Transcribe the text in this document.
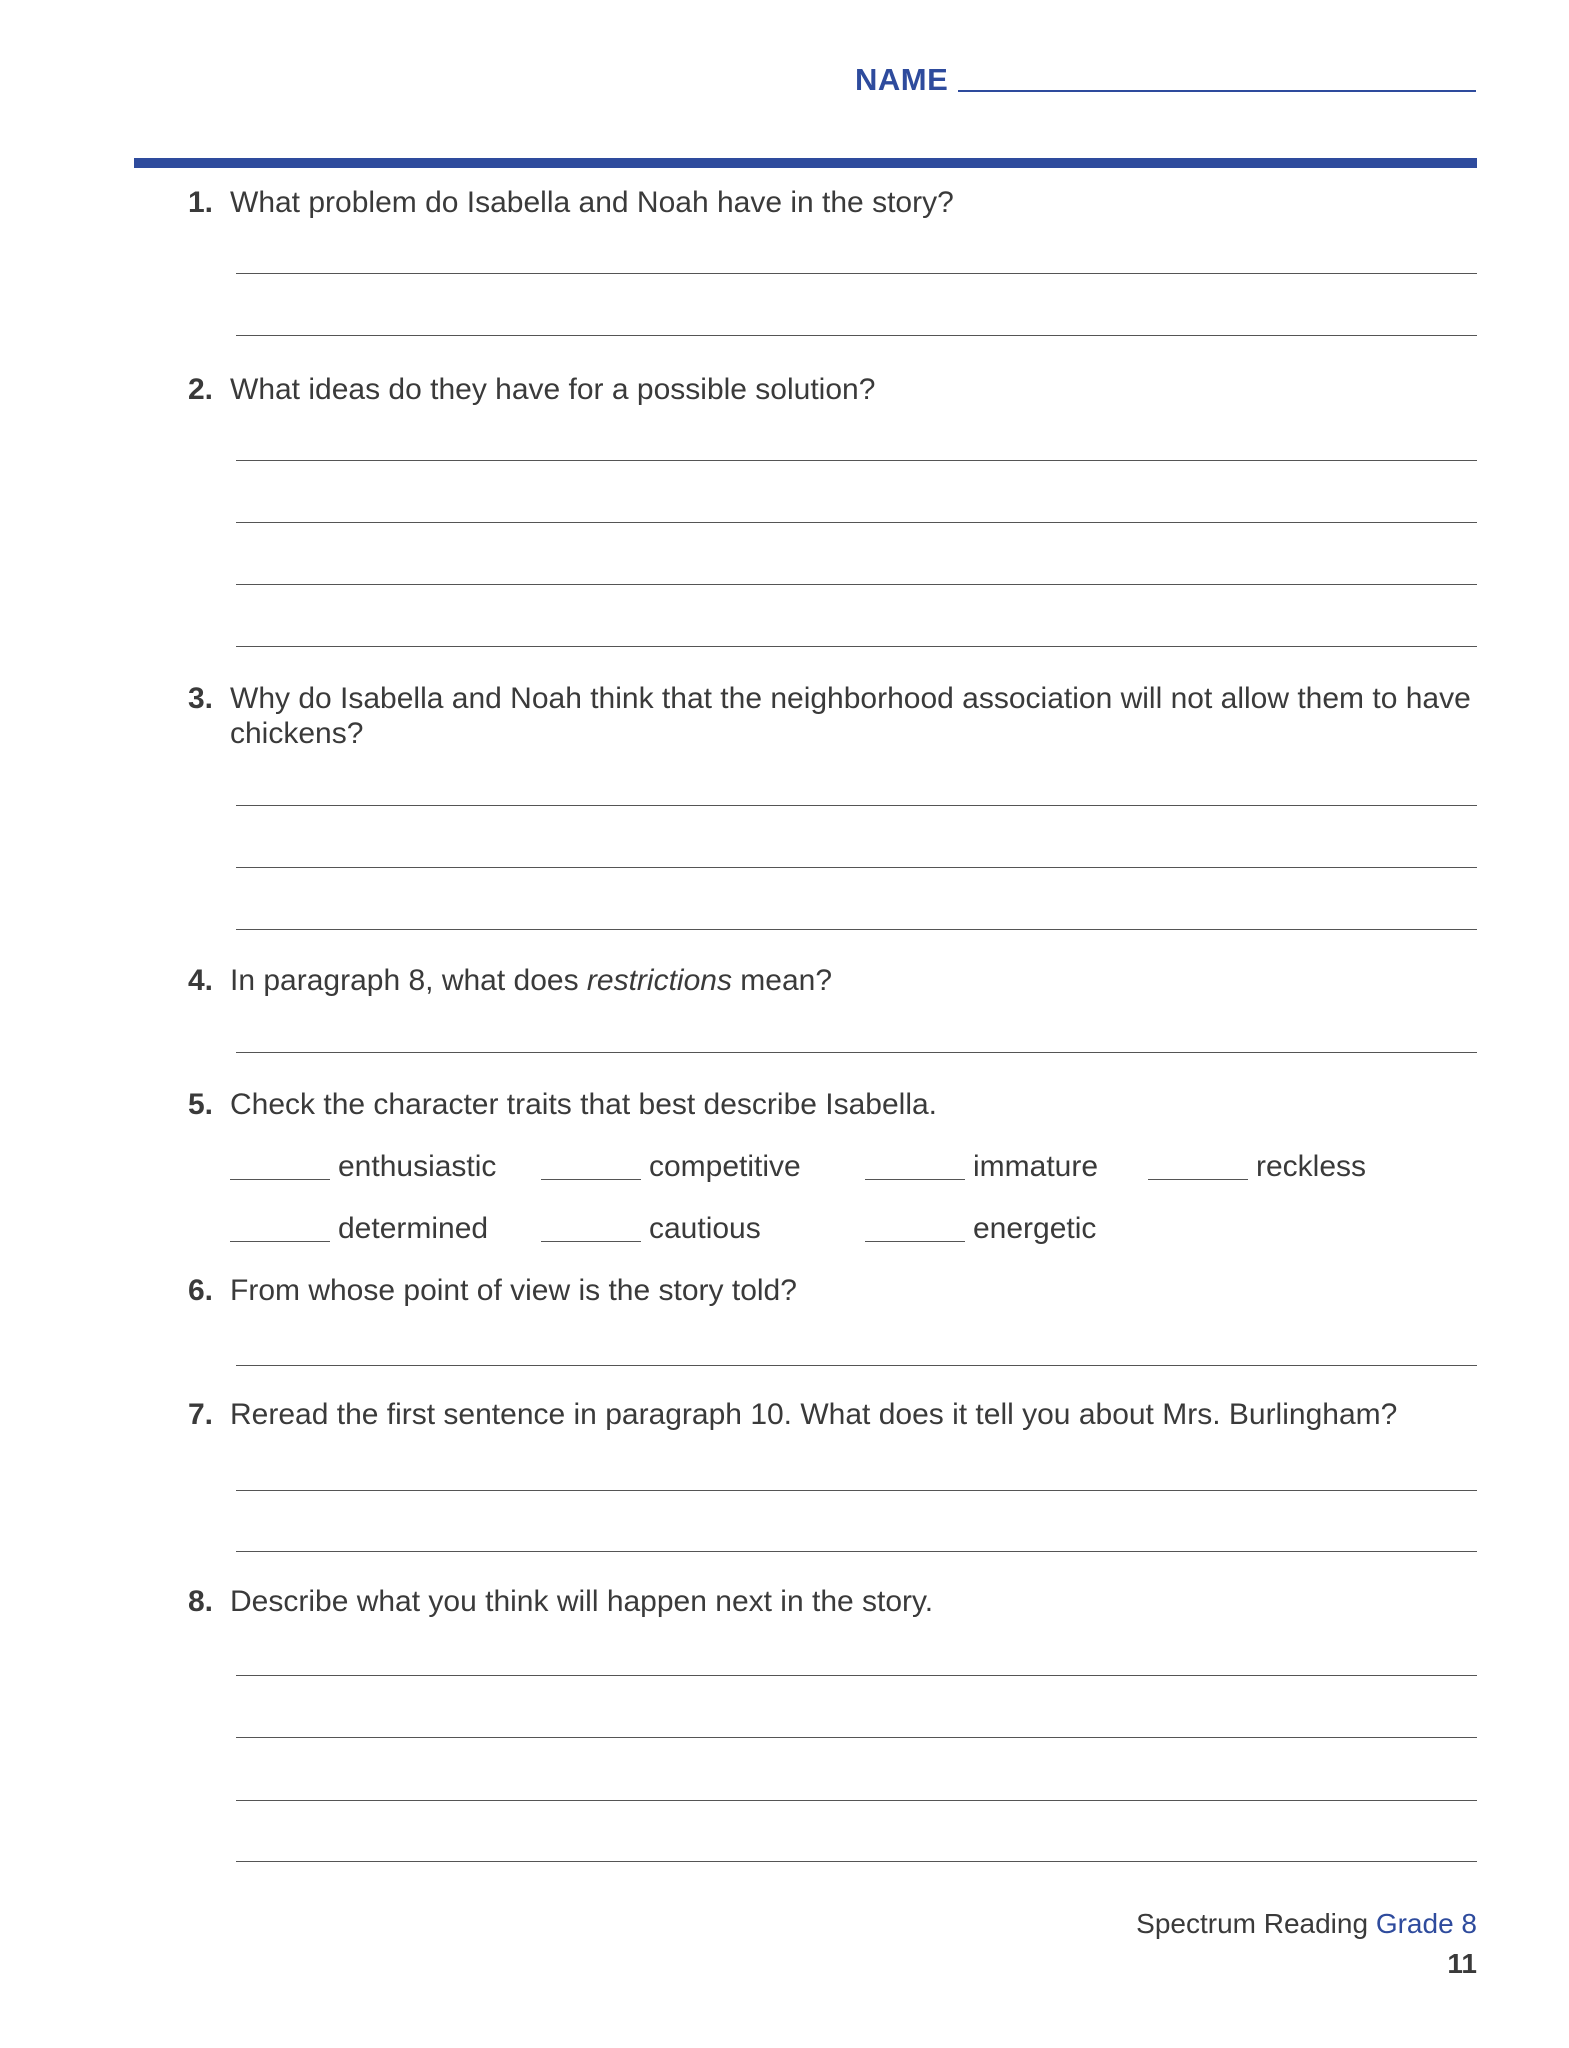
NAME
1. What problem do Isabella and Noah have in the story?
2. What ideas do they have for a possible solution?
3. Why do Isabella and Noah think that the neighborhood association will not allow them to have chickens?
4. In paragraph 8, what does restrictions mean?
5. Check the character traits that best describe Isabella.
enthusiastic	competitive	immature	reckless
determined	cautious	energetic
6. From whose point of view is the story told?
7. Reread the first sentence in paragraph 10. What does it tell you about Mrs. Burlingham?
8. Describe what you think will happen next in the story.
Spectrum Reading Grade 8
11
